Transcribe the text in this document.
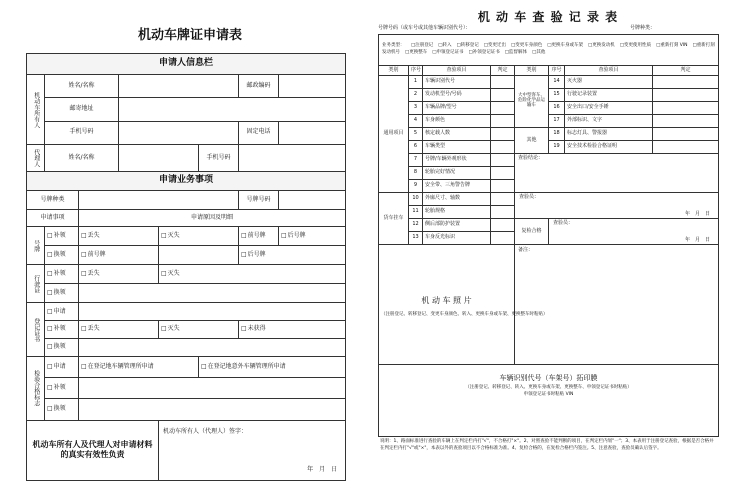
机动车牌证申请表
申请人信息栏							
机动车所有人	姓名/名称					邮政编码	
	邮寄地址						
	手机号码					固定电话	
代理人	姓名/名称				手机号码		
申请业务事项							
号牌种类						号牌号码	
申请事项		申请原因及明细					
号牌	□ 补领	□ 丢失		□ 灭失		□ 前号牌	□ 后号牌
	□ 换领	□ 前号牌				□ 后号牌
行驶证	□ 补领	□ 丢失		□ 灭失
	□ 换领	
登记证书	□ 申请	
	□ 补领	□ 丢失		□ 灭失		□ 未获得
	□ 换领	
检验合格标志	□ 申请	□ 在登记地车辆管理所申请			□ 在登记地意外车辆管理所申请
	□ 补领	
	□ 换领	
机动车所有人及代理人对申请材料的真实有效性负责				机动车所有人（代理人）签字：
年　月　日			
机 动 车 查 验 记 录 表
号牌号码（或车号或其他车辆识别代号）：	号牌种类：
业务类型： □注册登记 □转入 □转移登记 □变更迁出 □变更车身颜色 □更换车身或车架 □更换发动机 □变更使用性质 □重新打刻 VIN □重新打刻发动机号 □更换整车 □申领登记证书 □补领登记证书 □监督解体 □其他							
类别	序号	查验项目	判定	类别	序号	查验项目	判定
通用项目	1	车辆识别代号		大中型客车、危险化学品运输车	14	灭火器	
	2	发动机型号/号码			15	行驶记录装置	
	3	车辆品牌/型号			16	安全出口/安全手锤	
	4	车身颜色			17	外部标识、文字	
	5	核定载人数		其他	18	标志灯具、警报器	
	6	车辆类型			19	安全技术检验合格证明	
	7	号牌/车辆外观形状		查验结论：			
	8	轮胎完好情况					
	9	安全带、三角警告牌					
货车挂车	10	外廓尺寸、轴数		查验员：
年　月　日			

	11	轮胎规格					
	12	侧后部防护装置		复检合格	查验员：
年　月　日		

	13	车身反光标识					

机 动 车 照 片
（注册登记、转移登记、变更车身颜色、转入、更换车身或车架、更换整车时粘贴）				备注：			

车辆识别代号（车架号）拓印膜
（注册登记、转移登记、转入、更换车身或车架、更换整车、申领登记证书时粘贴）
申领登记证书时粘贴 VIN							
说明：1、路面标准进行查验的车辆上在判定栏内打"√"，不合格打"×"。2、对照查验不能判断的项目，在判定栏内划"一"；3、本表用于注册登记查验，根据是否合格并在判定栏内打"√"或"×"，本表以外的查验项目以不合格标准为准。4、复检合格的，在复检合格栏内签注。5、注意查验，查验员确认后签字。
